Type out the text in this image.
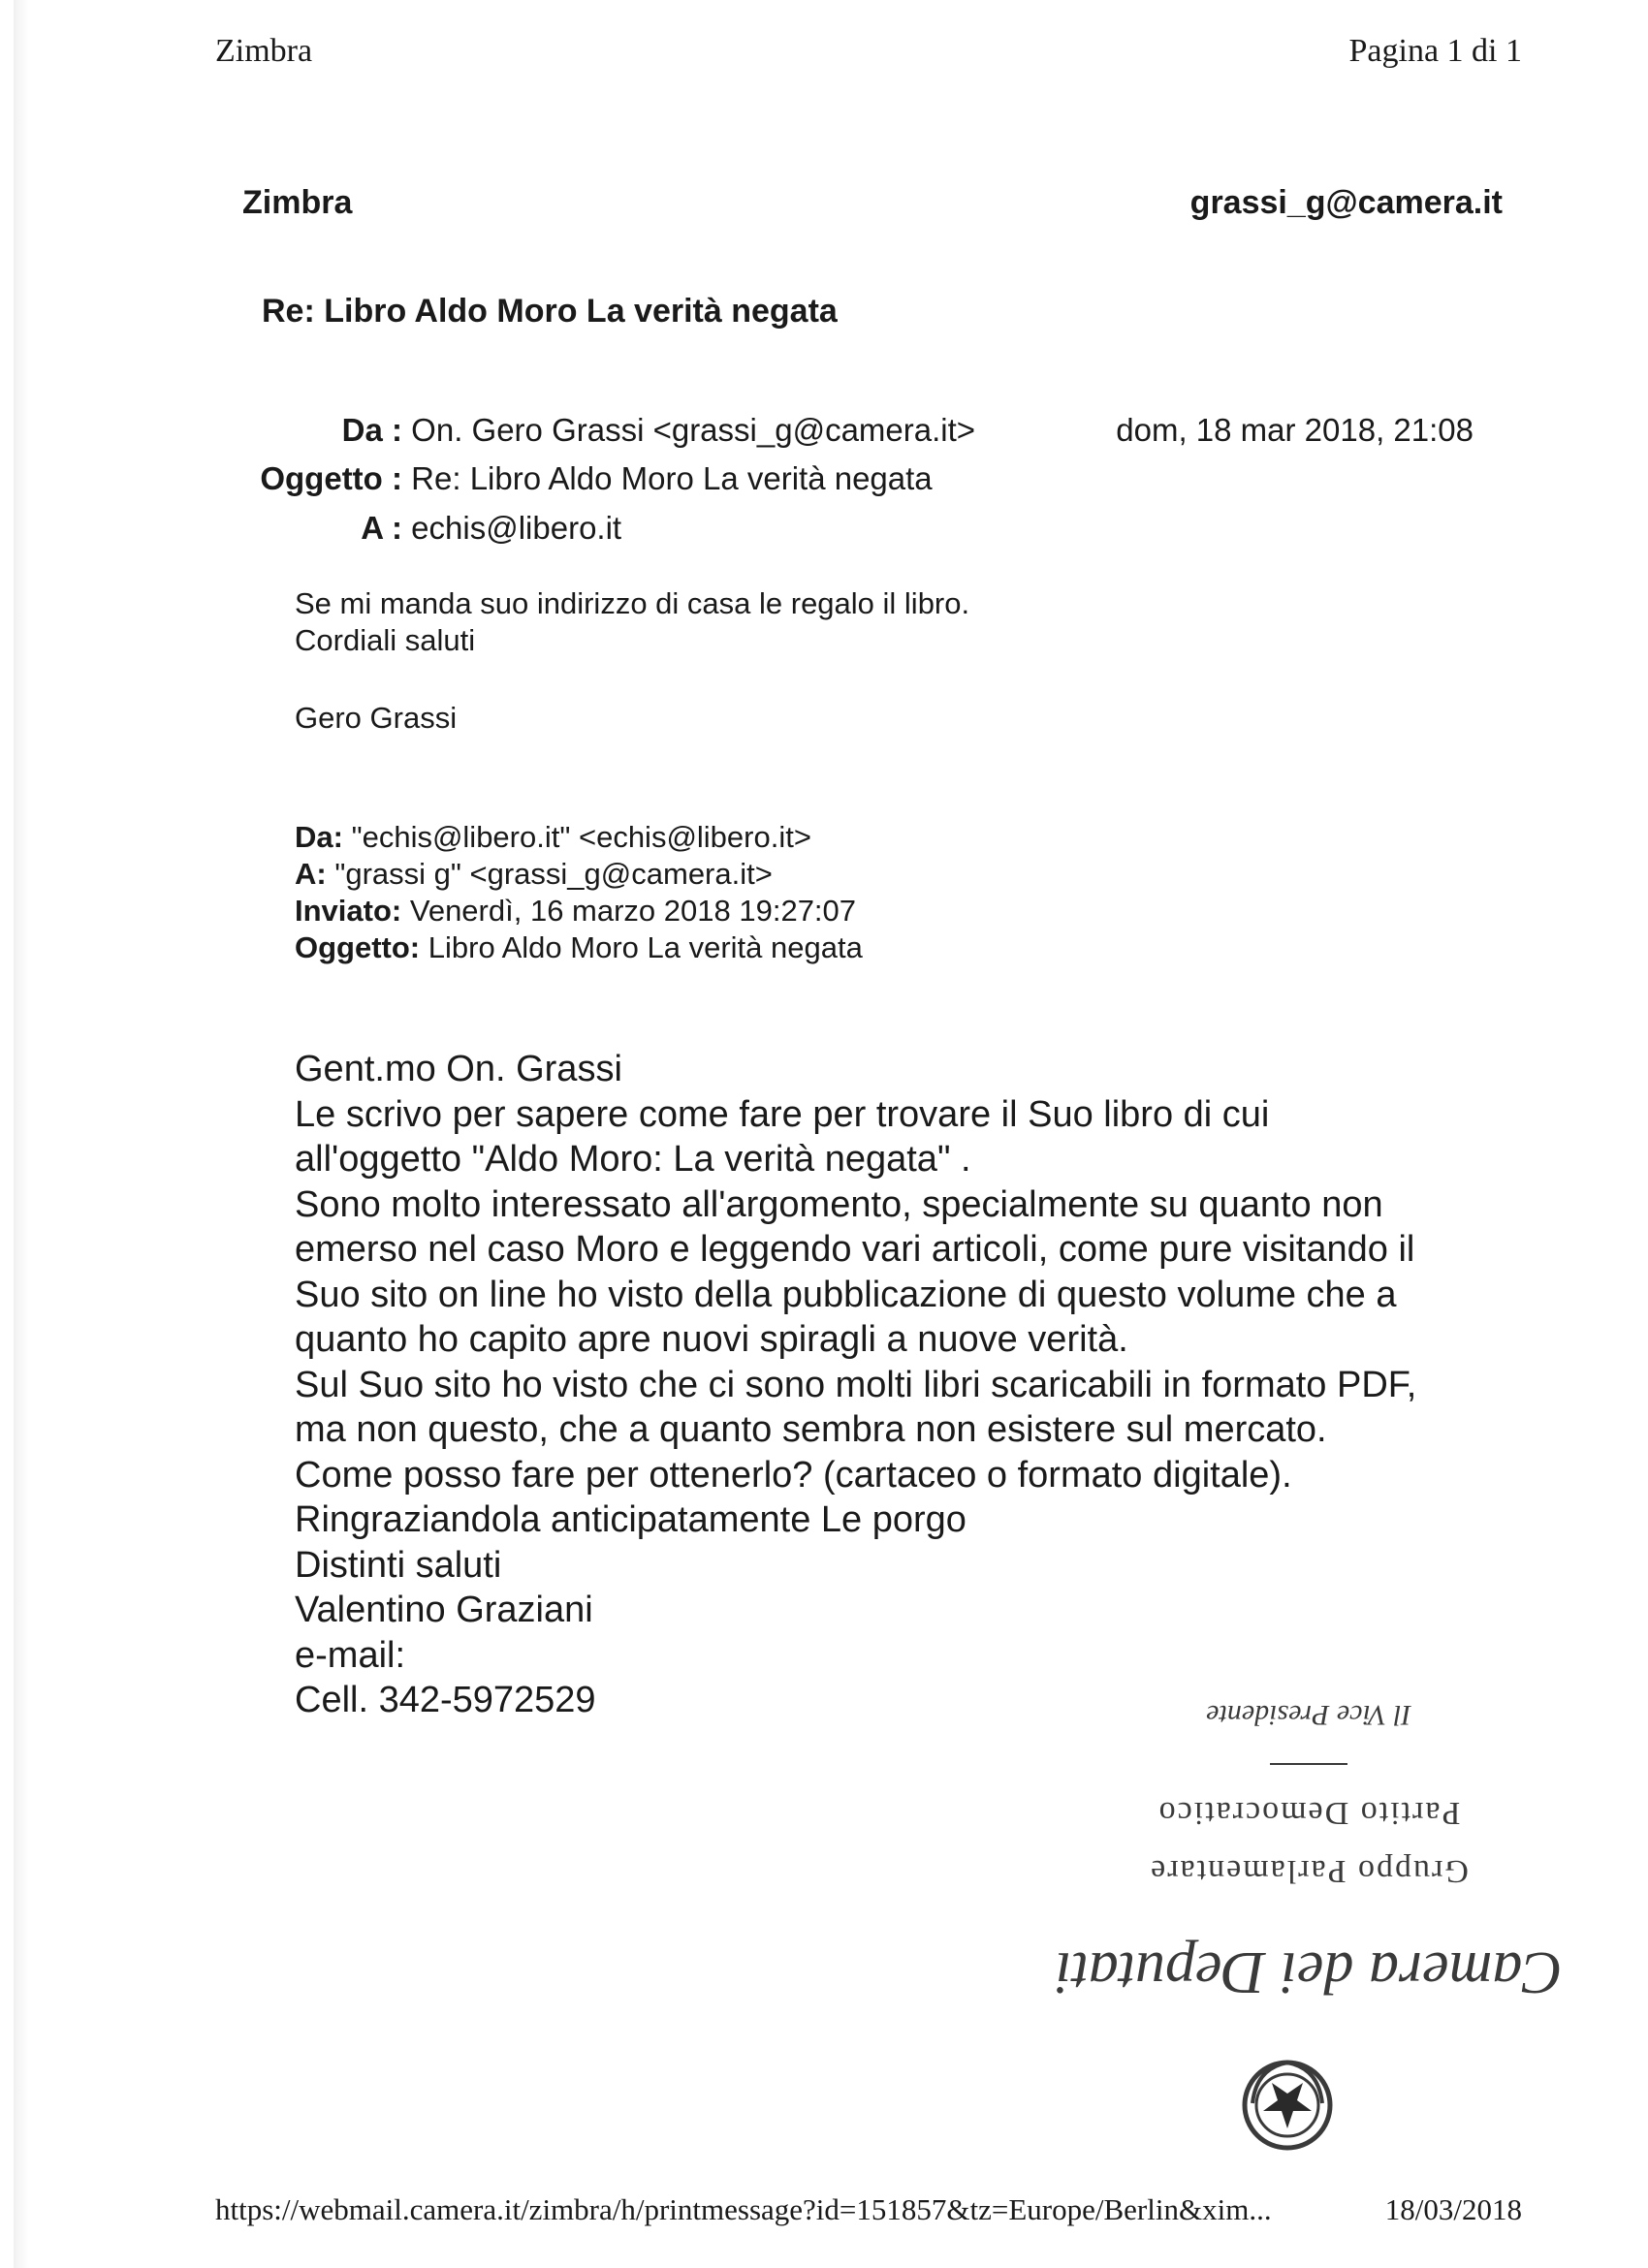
Zimbra	Pagina 1 di 1
Zimbra	grassi_g@camera.it
Re: Libro Aldo Moro La verità negata
Da : On. Gero Grassi <grassi_g@camera.it>	dom, 18 mar 2018, 21:08
Oggetto : Re: Libro Aldo Moro La verità negata
A : echis@libero.it
Se mi manda suo indirizzo di casa le regalo il libro.
Cordiali saluti
Gero Grassi
Da: "echis@libero.it" <echis@libero.it>
A: "grassi g" <grassi_g@camera.it>
Inviato: Venerdì, 16 marzo 2018 19:27:07
Oggetto: Libro Aldo Moro La verità negata
Gent.mo On. Grassi
Le scrivo per sapere come fare per trovare il Suo libro di cui
all'oggetto "Aldo Moro: La verità negata" .
Sono molto interessato all'argomento, specialmente su quanto non
emerso nel caso Moro e leggendo vari articoli, come pure visitando il
Suo sito on line ho visto della pubblicazione di questo volume che a
quanto ho capito apre nuovi spiragli a nuove verità.
Sul Suo sito ho visto che ci sono molti libri scaricabili in formato PDF,
ma non questo, che a quanto sembra non esistere sul mercato.
Come posso fare per ottenerlo? (cartaceo o formato digitale).
Ringraziandola anticipatamente Le porgo
Distinti saluti
Valentino Graziani
e-mail:
Cell. 342-5972529
Camera dei Deputati
Gruppo Parlamentare
Partito Democratico
Il Vice Presidente
https://webmail.camera.it/zimbra/h/printmessage?id=151857&tz=Europe/Berlin&xim...	18/03/2018
